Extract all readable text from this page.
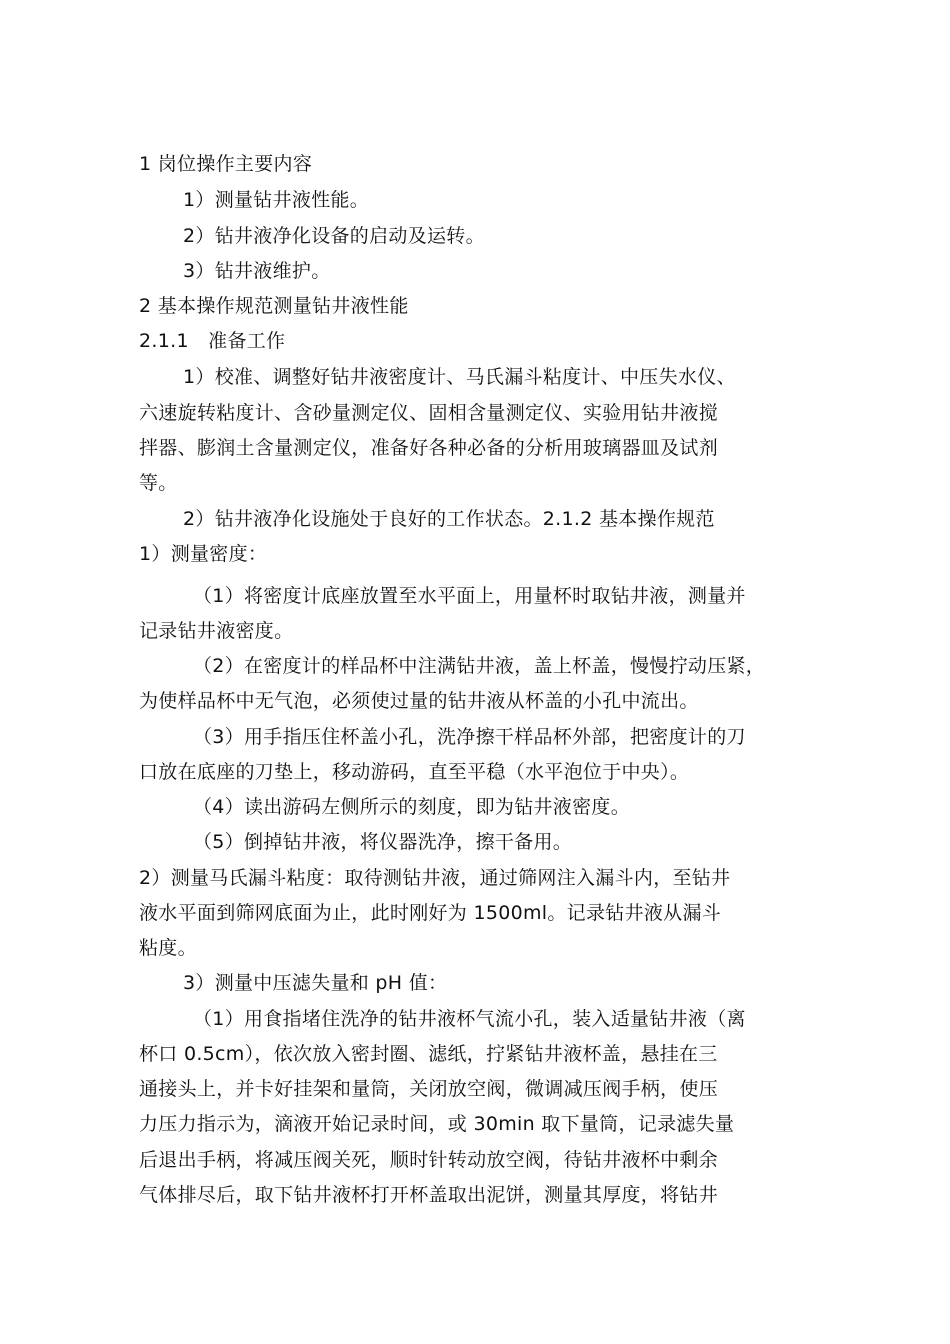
1 岗位操作主要内容
1）测量钻井液性能。
2）钻井液净化设备的启动及运转。
3）钻井液维护。
2 基本操作规范测量钻井液性能
2.1.1　准备工作
1）校准、调整好钻井液密度计、马氏漏斗粘度计、中压失水仪、
六速旋转粘度计、含砂量测定仪、固相含量测定仪、实验用钻井液搅
拌器、膨润土含量测定仪，准备好各种必备的分析用玻璃器皿及试剂
等。
2）钻井液净化设施处于良好的工作状态。2.1.2 基本操作规范
1）测量密度：
（1）将密度计底座放置至水平面上，用量杯时取钻井液，测量并
记录钻井液密度。
（2）在密度计的样品杯中注满钻井液，盖上杯盖，慢慢拧动压紧，
为使样品杯中无气泡，必须使过量的钻井液从杯盖的小孔中流出。
（3）用手指压住杯盖小孔，洗净擦干样品杯外部，把密度计的刀
口放在底座的刀垫上，移动游码，直至平稳（水平泡位于中央）。
（4）读出游码左侧所示的刻度，即为钻井液密度。
（5）倒掉钻井液，将仪器洗净，擦干备用。
2）测量马氏漏斗粘度：取待测钻井液，通过筛网注入漏斗内，至钻井
液水平面到筛网底面为止，此时刚好为 1500ml。记录钻井液从漏斗
粘度。
3）测量中压滤失量和 pH 值：
（1）用食指堵住洗净的钻井液杯气流小孔，装入适量钻井液（离
杯口 0.5cm），依次放入密封圈、滤纸，拧紧钻井液杯盖，悬挂在三
通接头上，并卡好挂架和量筒，关闭放空阀，微调减压阀手柄，使压
力压力指示为，滴液开始记录时间，或 30min 取下量筒，记录滤失量
后退出手柄，将减压阀关死，顺时针转动放空阀，待钻井液杯中剩余
气体排尽后，取下钻井液杯打开杯盖取出泥饼，测量其厚度，将钻井
